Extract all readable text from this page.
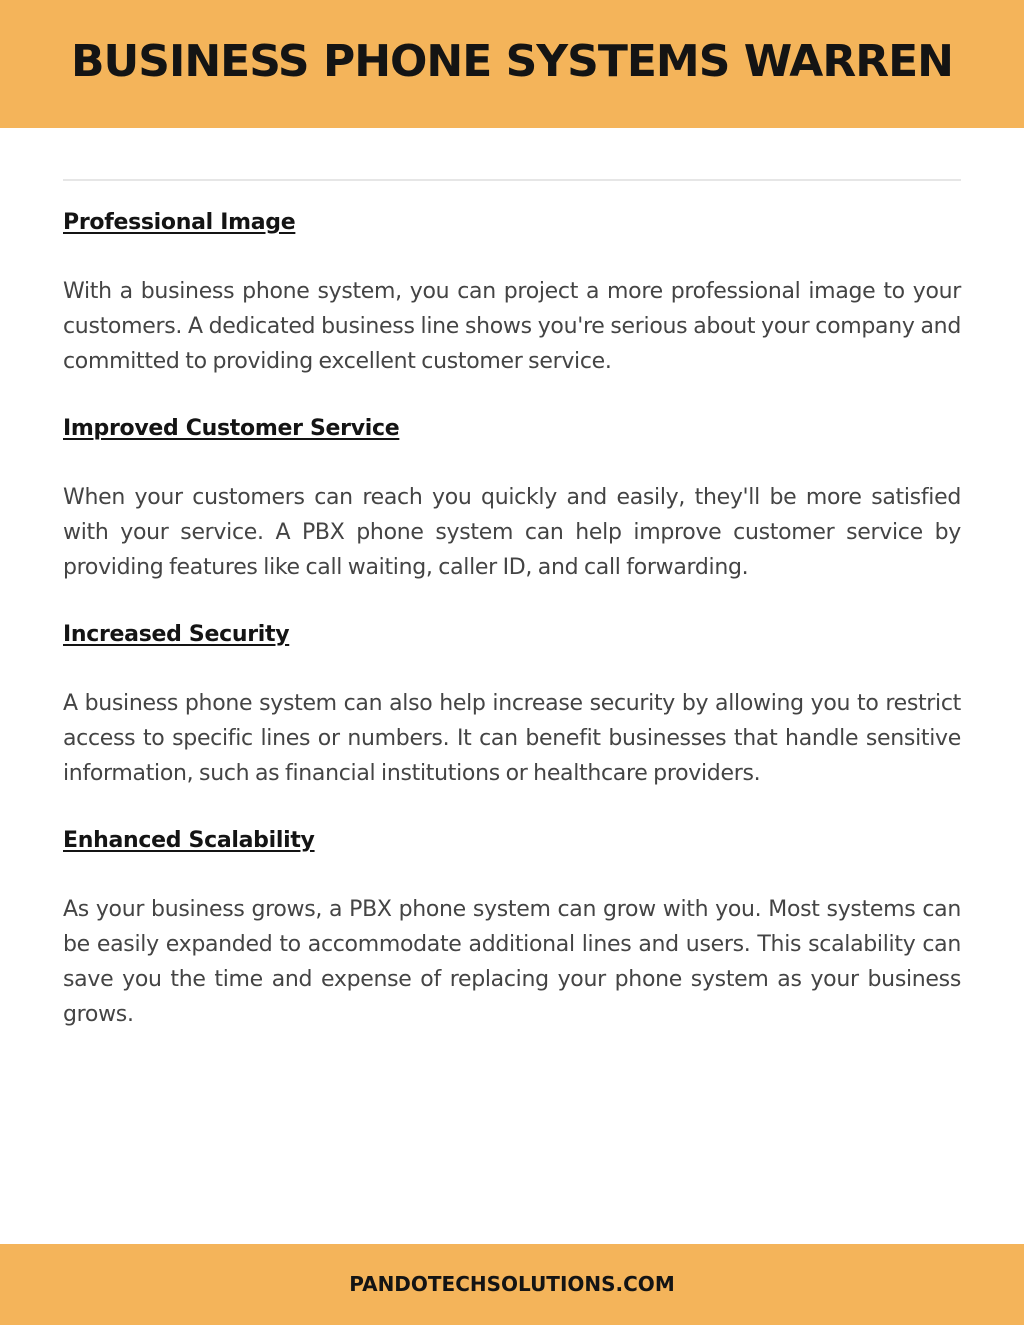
BUSINESS PHONE SYSTEMS WARREN
Professional Image

With a business phone system, you can project a more professional image to your customers. A dedicated business line shows you're serious about your company and committed to providing excellent customer service.

Improved Customer Service

When your customers can reach you quickly and easily, they'll be more satisfied with your service. A PBX phone system can help improve customer service by providing features like call waiting, caller ID, and call forwarding.

Increased Security

A business phone system can also help increase security by allowing you to restrict access to specific lines or numbers. It can benefit businesses that handle sensitive information, such as financial institutions or healthcare providers.

Enhanced Scalability

As your business grows, a PBX phone system can grow with you. Most systems can be easily expanded to accommodate additional lines and users. This scalability can save you the time and expense of replacing your phone system as your business grows.

PANDOTECHSOLUTIONS.COM
